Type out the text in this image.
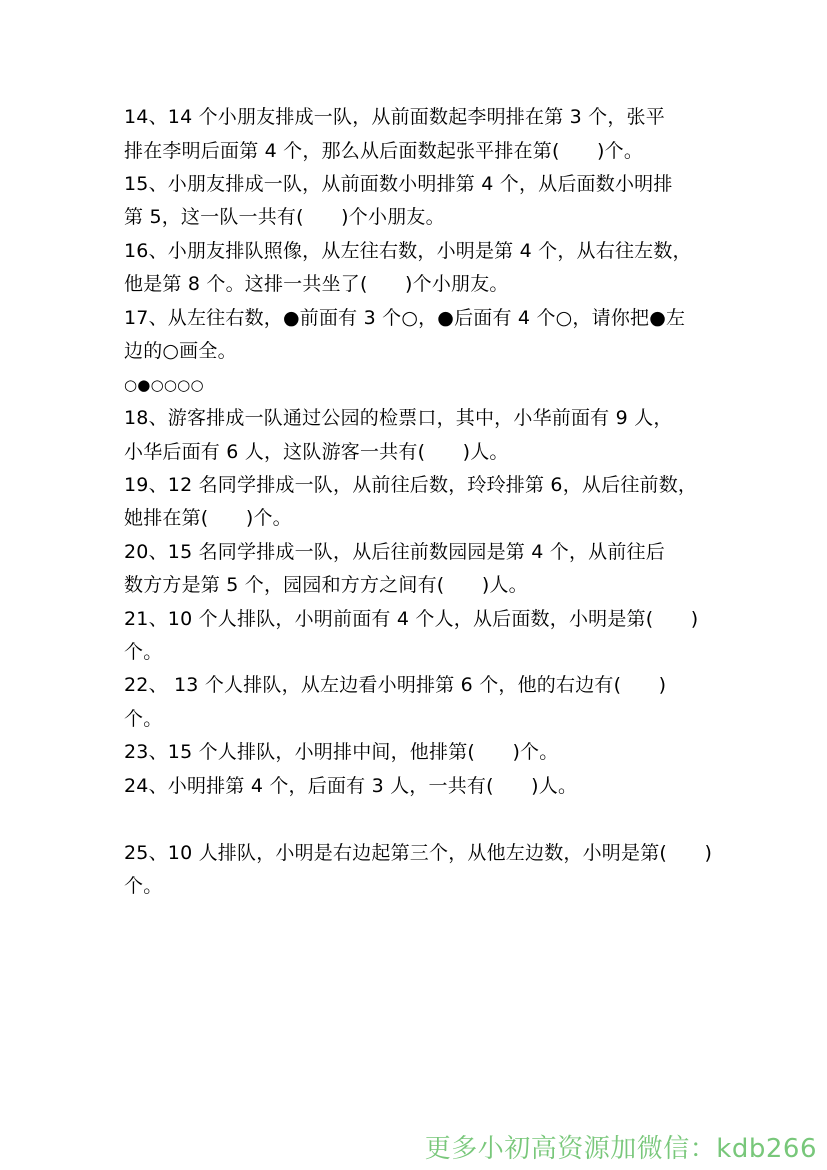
14、14 个小朋友排成一队，从前面数起李明排在第 3 个，张平
排在李明后面第 4 个，那么从后面数起张平排在第(      )个。
15、小朋友排成一队，从前面数小明排第 4 个，从后面数小明排
第 5，这一队一共有(      )个小朋友。
16、小朋友排队照像，从左往右数，小明是第 4 个，从右往左数，
他是第 8 个。这排一共坐了(      )个小朋友。
17、从左往右数，●前面有 3 个○，●后面有 4 个○，请你把●左
边的○画全。
○●○○○○
18、游客排成一队通过公园的检票口，其中，小华前面有 9 人，
小华后面有 6 人，这队游客一共有(      )人。
19、12 名同学排成一队，从前往后数，玲玲排第 6，从后往前数，
她排在第(      )个。
20、15 名同学排成一队，从后往前数园园是第 4 个，从前往后
数方方是第 5 个，园园和方方之间有(      )人。
21、10 个人排队，小明前面有 4 个人，从后面数，小明是第(      )
个。
22、 13 个人排队，从左边看小明排第 6 个，他的右边有(      )
个。
23、15 个人排队，小明排中间，他排第(      )个。
24、小明排第 4 个，后面有 3 人，一共有(      )人。
25、10 人排队，小明是右边起第三个，从他左边数，小明是第(      )
个。
更多小初高资源加微信：kdb266
